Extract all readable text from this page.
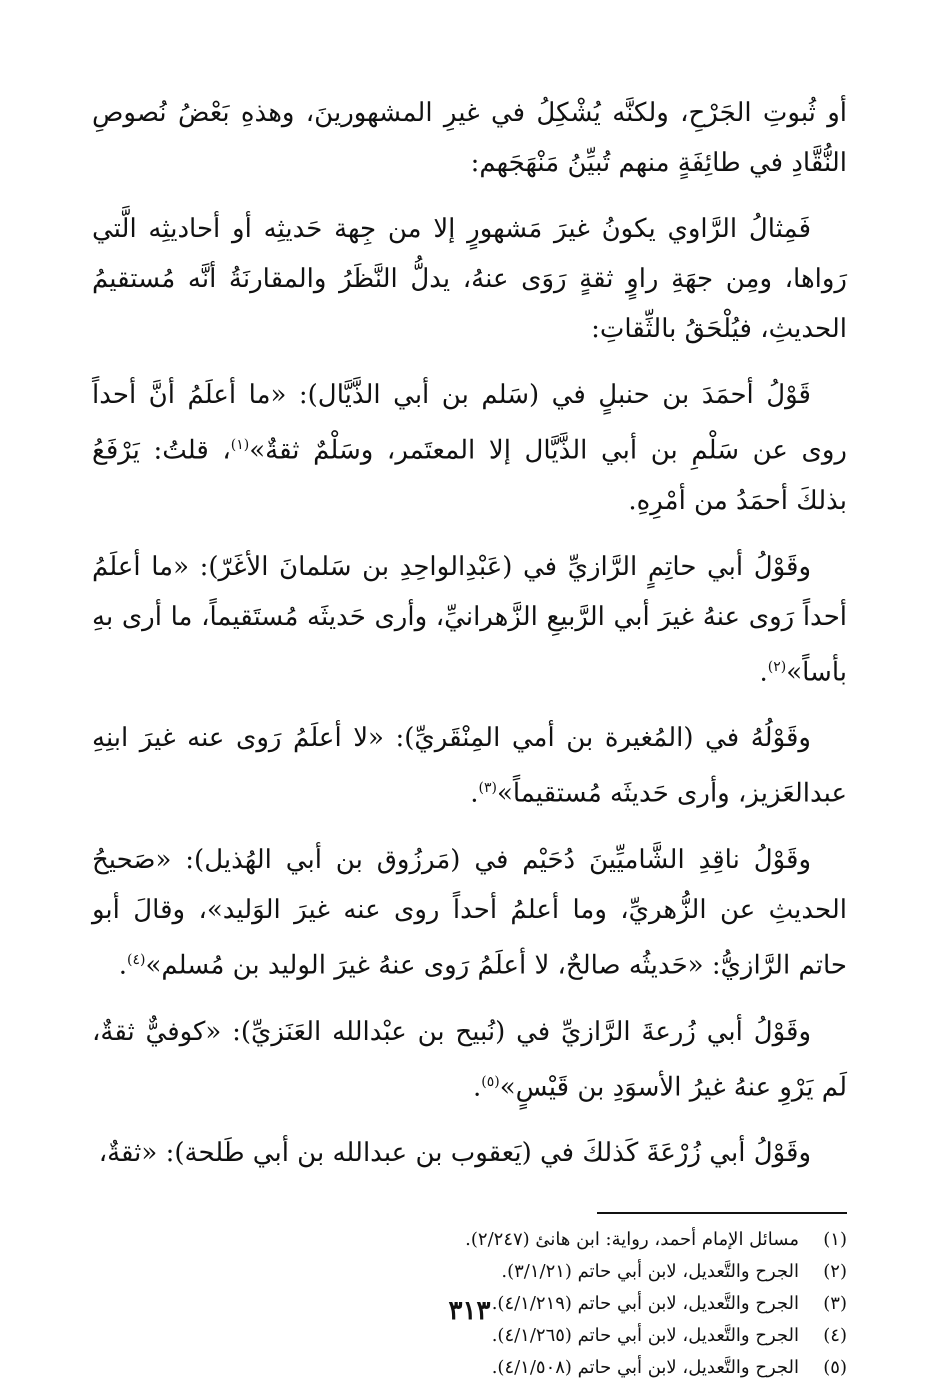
أو ثُبوتِ الجَرْحِ، ولكنَّه يُشْكِلُ في غيرِ المشهورينَ، وهذهِ بَعْضُ نُصوصِ النُّقَّادِ في طائِفَةٍ منهم تُبيِّنُ مَنْهَجَهم:

فَمِثالُ الرَّاوي يكونُ غيرَ مَشهورٍ إلا من جِهة حَديثِه أو أحاديثِه الَّتي رَواها، ومِن جهَةِ راوٍ ثقةٍ رَوَى عنهُ، يدلُّ النَّظَرُ والمقارنَةُ أنَّه مُستقيمُ الحديثِ، فيُلْحَقُ بالثِّقاتِ:

قَوْلُ أحمَدَ بن حنبلٍ في (سَلم بن أبي الذَّيَّال): «ما أعلَمُ أنَّ أحداً روى عن سَلْمِ بن أبي الذَّيَّال إلا المعتَمر، وسَلْمٌ ثقةٌ»$^{(١)}$، قلتُ: يَرْفَعُ بذلكَ أحمَدُ من أمْرِهِ.

وقَوْلُ أبي حاتِمٍ الرَّازيِّ في (عَبْدِالواحِدِ بن سَلمانَ الأغَرّ): «ما أعلَمُ أحداً رَوى عنهُ غيرَ أبي الرَّبيعِ الزَّهرانيِّ، وأرى حَديثَه مُستَقيماً، ما أرى بهِ بأساً»$^{(٢)}$.

وقَوْلُهُ في (المُغيرة بن أمي المِنْقَريِّ): «لا أعلَمُ رَوى عنه غيرَ ابنِهِ عبدالعَزيز، وأرى حَديثَه مُستقيماً»$^{(٣)}$.

وقَوْلُ ناقِدِ الشَّاميِّينَ دُحَيْم في (مَرزُوق بن أبي الهُذيل): «صَحيحُ الحديثِ عن الزُّهريِّ، وما أعلمُ أحداً روى عنه غيرَ الوَليد»، وقالَ أبو حاتم الرَّازيُّ: «حَديثُه صالحٌ، لا أعلَمُ رَوى عنهُ غيرَ الوليد بن مُسلم»$^{(٤)}$.

وقَوْلُ أبي زُرعةَ الرَّازيِّ في (نُبيح بن عبْدالله العَنَزيِّ): «كوفيٌّ ثقةٌ، لَم يَرْوِ عنهُ غيرُ الأسوَدِ بن قَيْسٍ»$^{(٥)}$.

وقَوْلُ أبي زُرْعَةَ كَذلكَ في (يَعقوب بن عبدالله بن أبي طَلحة): «ثقةٌ،

(١)
مسائل الإمام أحمد، رواية: ابن هانئ (٢/٢٤٧).
(٢)
الجرح والتَّعديل، لابن أبي حاتم (٣/١/٢١).
(٣)
الجرح والتَّعديل، لابن أبي حاتم (٤/١/٢١٩).
(٤)
الجرح والتَّعديل، لابن أبي حاتم (٤/١/٢٦٥).
(٥)
الجرح والتَّعديل، لابن أبي حاتم (٤/١/٥٠٨).
٣١٣
